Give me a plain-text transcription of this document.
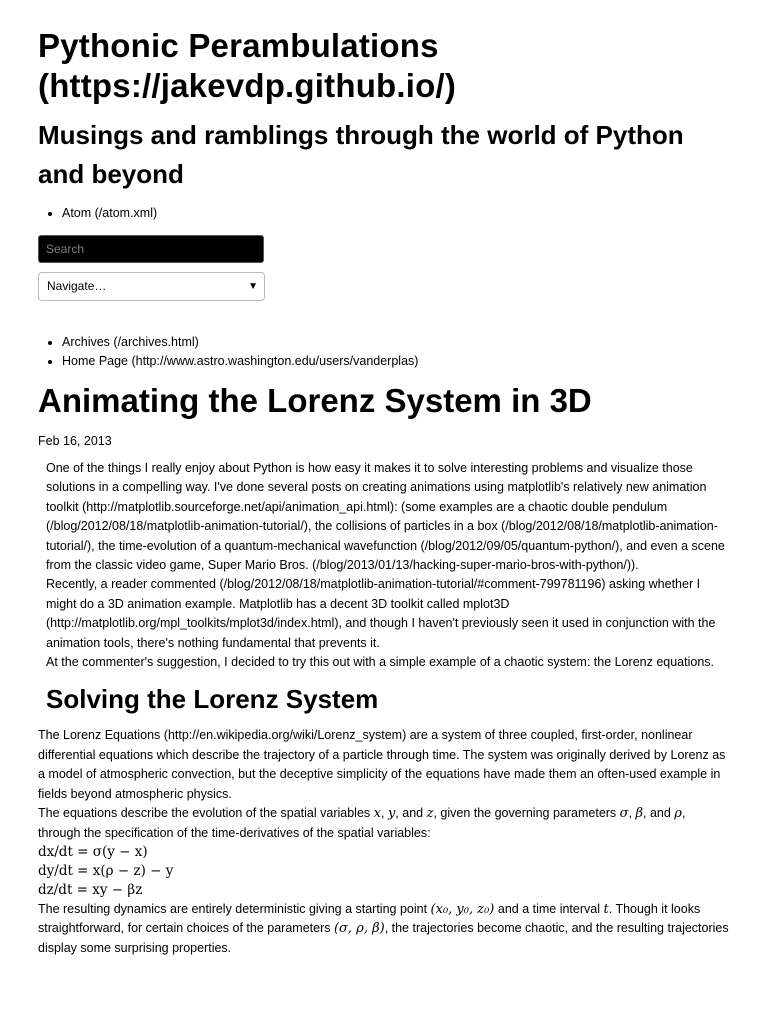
Pythonic Perambulations (https://jakevdp.github.io/)
Musings and ramblings through the world of Python and beyond
• Atom (/atom.xml)
Search
Navigate…	▼
• Archives (/archives.html)
• Home Page (http://www.astro.washington.edu/users/vanderplas)
Animating the Lorenz System in 3D
Feb 16, 2013

One of the things I really enjoy about Python is how easy it makes it to solve interesting problems and visualize those solutions in a compelling way. I've done several posts on creating animations using matplotlib's relatively new animation toolkit (http://matplotlib.sourceforge.net/api/animation_api.html): (some examples are a chaotic double pendulum (/blog/2012/08/18/matplotlib-animation-tutorial/), the collisions of particles in a box (/blog/2012/08/18/matplotlib-animation-tutorial/), the time-evolution of a quantum-mechanical wavefunction (/blog/2012/09/05/quantum-python/), and even a scene from the classic video game, Super Mario Bros. (/blog/2013/01/13/hacking-super-mario-bros-with-python/)).

Recently, a reader commented (/blog/2012/08/18/matplotlib-animation-tutorial/#comment-799781196) asking whether I might do a 3D animation example. Matplotlib has a decent 3D toolkit called mplot3D (http://matplotlib.org/mpl_toolkits/mplot3d/index.html), and though I haven't previously seen it used in conjunction with the animation tools, there's nothing fundamental that prevents it.

At the commenter's suggestion, I decided to try this out with a simple example of a chaotic system: the Lorenz equations.

Solving the Lorenz System

The Lorenz Equations (http://en.wikipedia.org/wiki/Lorenz_system) are a system of three coupled, first-order, nonlinear differential equations which describe the trajectory of a particle through time. The system was originally derived by Lorenz as a model of atmospheric convection, but the deceptive simplicity of the equations have made them an often-used example in fields beyond atmospheric physics.

The equations describe the evolution of the spatial variables x, y, and z, given the governing parameters σ, β, and ρ, through the specification of the time-derivatives of the spatial variables:

dx/dt = σ(y − x)
dy/dt = x(ρ − z) − y
dz/dt = xy − βz

The resulting dynamics are entirely deterministic giving a starting point (x₀, y₀, z₀) and a time interval t. Though it looks straightforward, for certain choices of the parameters (σ, ρ, β), the trajectories become chaotic, and the resulting trajectories display some surprising properties.
